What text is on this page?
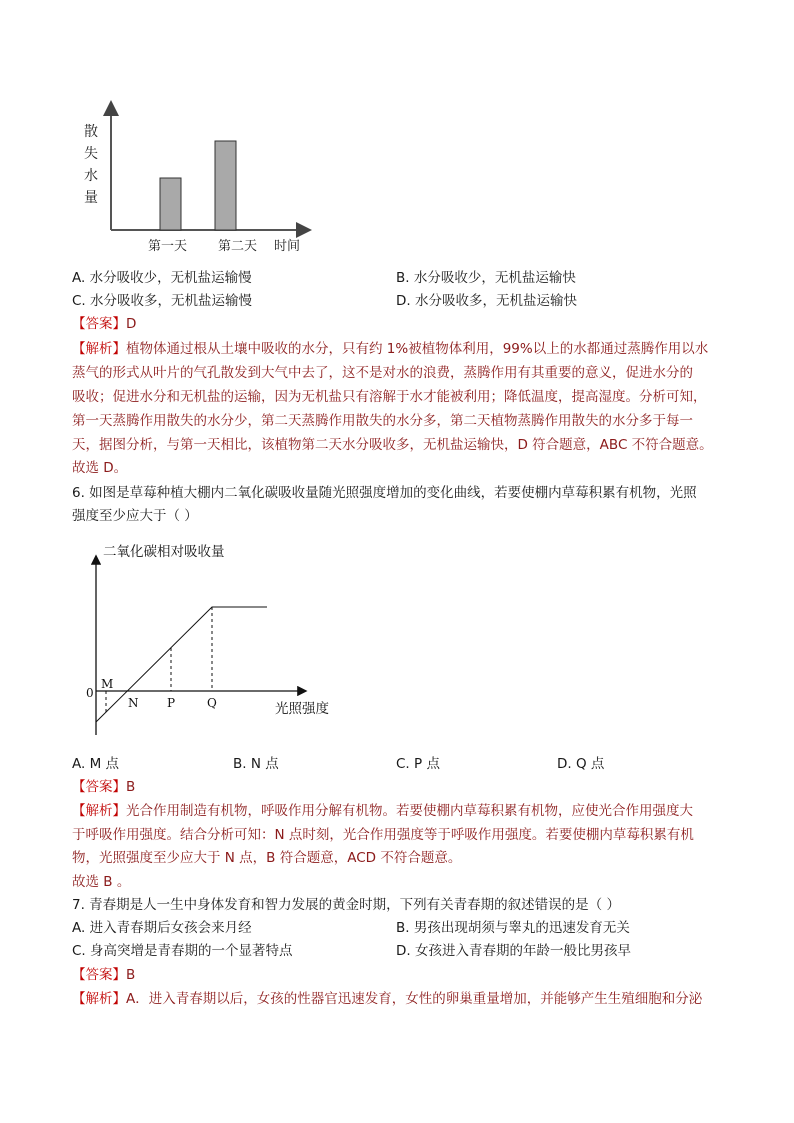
散
失
水
量
第一天 第二天 时间
A. 水分吸收少，无机盐运输慢	B. 水分吸收少，无机盐运输快
C. 水分吸收多，无机盐运输慢	D. 水分吸收多，无机盐运输快
【答案】D
【解析】植物体通过根从土壤中吸收的水分，只有约 1%被植物体利用，99%以上的水都通过蒸腾作用以水
蒸气的形式从叶片的气孔散发到大气中去了，这不是对水的浪费，蒸腾作用有其重要的意义，促进水分的
吸收；促进水分和无机盐的运输，因为无机盐只有溶解于水才能被利用；降低温度，提高湿度。分析可知，
第一天蒸腾作用散失的水分少，第二天蒸腾作用散失的水分多，第二天植物蒸腾作用散失的水分多于每一
天，据图分析，与第一天相比，该植物第二天水分吸收多，无机盐运输快，D 符合题意，ABC 不符合题意。
故选 D。
6. 如图是草莓种植大棚内二氧化碳吸收量随光照强度增加的变化曲线，若要使棚内草莓积累有机物，光照
强度至少应大于（ ）
二氧化碳相对吸收量
光照强度
0
M
N P	Q
A. M 点	B. N 点	C. P 点	D. Q 点
【答案】B
【解析】光合作用制造有机物，呼吸作用分解有机物。若要使棚内草莓积累有机物，应使光合作用强度大
于呼吸作用强度。结合分析可知：N 点时刻，光合作用强度等于呼吸作用强度。若要使棚内草莓积累有机
物，光照强度至少应大于 N 点，B 符合题意，ACD 不符合题意。
故选 B 。
7. 青春期是人一生中身体发育和智力发展的黄金时期，下列有关青春期的叙述错误的是（ ）
A. 进入青春期后女孩会来月经	B. 男孩出现胡须与睾丸的迅速发育无关
C. 身高突增是青春期的一个显著特点	D. 女孩进入青春期的年龄一般比男孩早
【答案】B
【解析】A．进入青春期以后，女孩的性器官迅速发育，女性的卵巢重量增加，并能够产生生殖细胞和分泌
